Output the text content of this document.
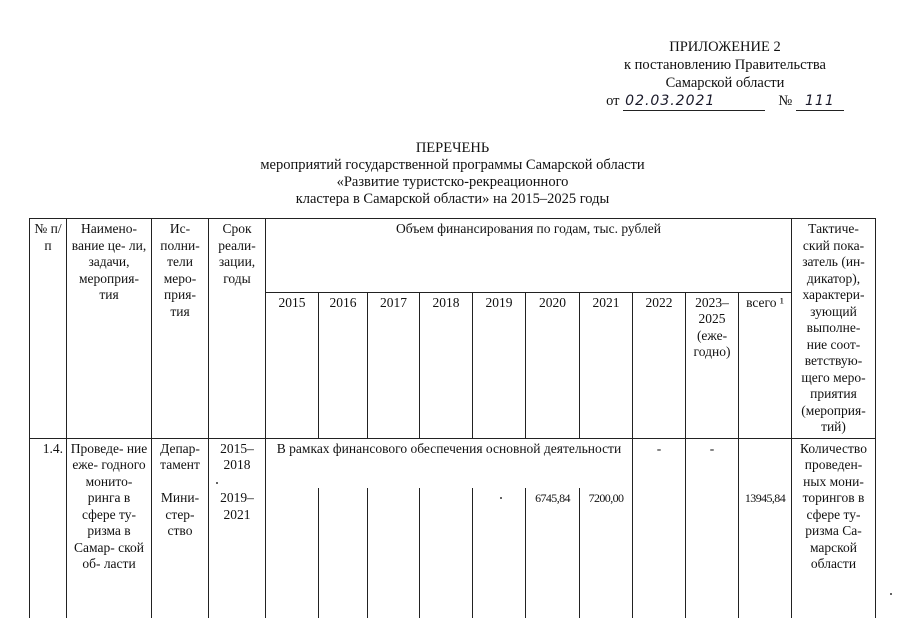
ПРИЛОЖЕНИЕ 2
к постановлению Правительства
Самарской области
от 02.03.2021	№ 111
ПЕРЕЧЕНЬ
мероприятий государственной программы Самарской области
«Развитие туристско-рекреационного
кластера в Самарской области» на 2015–2025 годы
№ п/п	Наимено- вание це- ли, задачи, мероприя- тия	Ис- полни- тели меро- прия- тия	Срок реали- зации, годы	Объем финансирования по годам, тыс. рублей										Тактиче- ский пока- затель (ин- дикатор), характери- зующий выполне- ние соот- ветствую- щего меро- приятия (мероприя- тий)
				2015	2016	2017	2018	2019	2020	2021	2022	2023– 2025 (еже- годно)	всего ¹	
1.4.	Проведе- ние еже- годного монито- ринга в сфере ту- ризма в Самар- ской об- ласти	Депар- тамент	2015– 2018	В рамках финансового обеспечения основной деятельности							-	-		Количество проведен- ных мони- торингов в сфере ту- ризма Са- марской области
		Мини- стер- ство	2019– 2021						6745,84	7200,00			13945,84	
